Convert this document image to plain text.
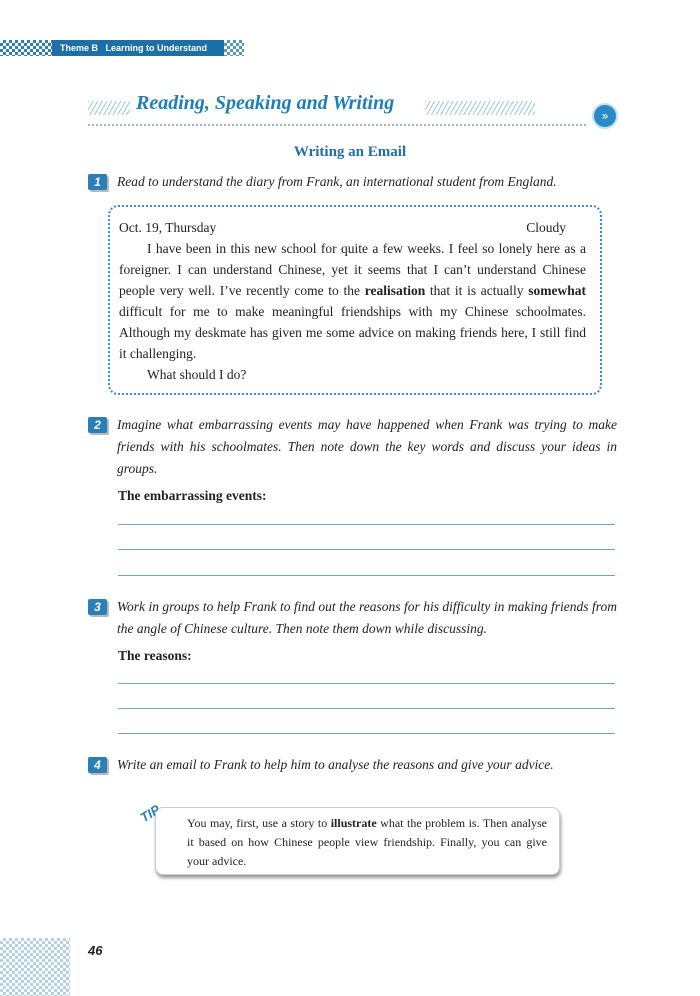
Theme B Learning to Understand
Reading, Speaking and Writing
»
Writing an Email
1	Read to understand the diary from Frank, an international student from England.
Oct. 19, Thursday	Cloudy
I have been in this new school for quite a few weeks. I feel so lonely here as a foreigner. I can understand Chinese, yet it seems that I can’t understand Chinese people very well. I’ve recently come to the realisation that it is actually somewhat difficult for me to make meaningful friendships with my Chinese schoolmates. Although my deskmate has given me some advice on making friends here, I still find it challenging.
What should I do?
2	Imagine what embarrassing events may have happened when Frank was trying to make friends with his schoolmates. Then note down the key words and discuss your ideas in groups.
The embarrassing events:
3	Work in groups to help Frank to find out the reasons for his difficulty in making friends from the angle of Chinese culture. Then note them down while discussing.
The reasons:
4	Write an email to Frank to help him to analyse the reasons and give your advice.
You may, first, use a story to illustrate what the problem is. Then analyse it based on how Chinese people view friendship. Finally, you can give your advice.
TIP
46
